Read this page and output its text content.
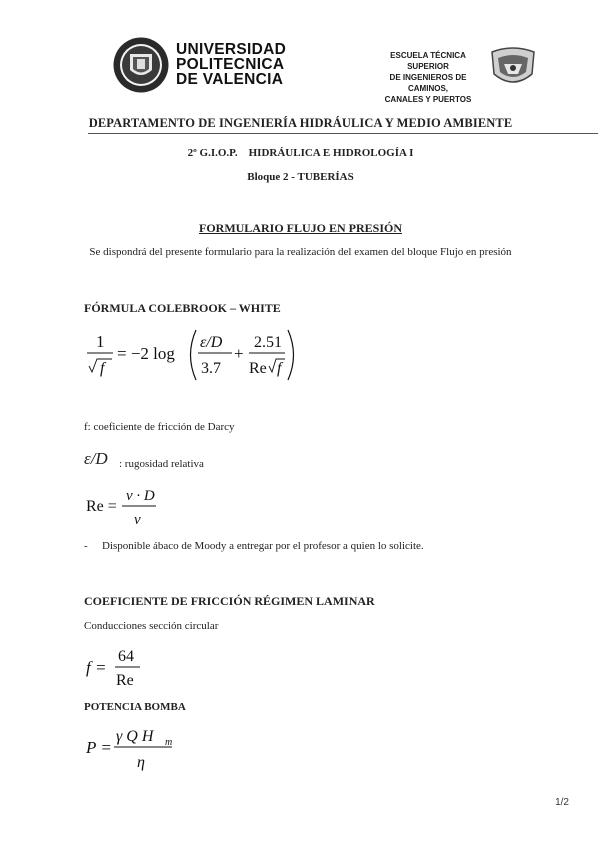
UNIVERSIDAD
POLITECNICA
DE VALENCIA
ESCUELA TÉCNICA SUPERIOR
DE INGENIEROS DE CAMINOS,
CANALES Y PUERTOS
DEPARTAMENTO DE INGENIERÍA HIDRÁULICA Y MEDIO AMBIENTE
2º G.I.O.P.    HIDRÁULICA E HIDROLOGÍA I
Bloque 2 - TUBERÍAS
FORMULARIO FLUJO EN PRESIÓN
Se dispondrá del presente formulario para la realización del examen del bloque Flujo en presión
FÓRMULA COLEBROOK – WHITE
1
f
= −2 log
ε/D
3.7
+
2.51
Re f
f: coeficiente de fricción de Darcy
ε/D : rugosidad relativa
Re =
v · D
ν
- Disponible ábaco de Moody a entregar por el profesor a quien lo solicite.
COEFICIENTE DE FRICCIÓN RÉGIMEN LAMINAR
Conducciones sección circular
f =
64
Re
POTENCIA BOMBA
P =
γ Q H m
η
1/2
